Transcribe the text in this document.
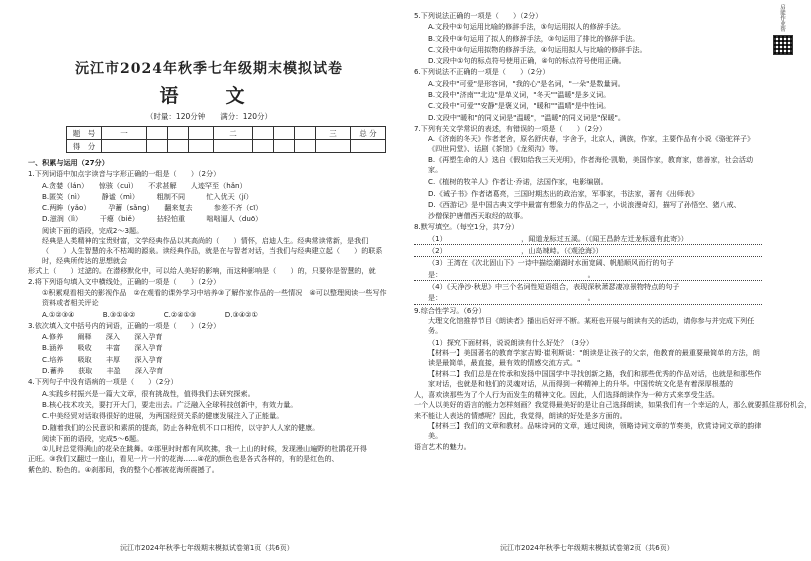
沅江市2024年秋季七年级期末模拟试卷
语　文
（时量：120分钟　　满分：120分）
题　号	一				二				三	总 分
得　分										
一、积累与运用（27分）
1.下列词语中加点字读音与字形正确的一组是（　　）（2分）
A.贪婪（lán）　　惊骇（cuì）　　不求甚解　　人迹罕至（hǎn）
B.匿笑（nì）　　　静谧（mì）　　　粗制不同　　　忙入优天（jí）
C.两眸（yǎo）　　　孕蓄（sǎng）　　翻来复去　　　参差不齐（cī）
D.滋润（lì）　　　干瘪（biě）　　　拈轻怕重　　　咄咄逼人（duō）
阅读下面的语段，完成2～3题。
经典是人类精神的宝贵财富，文学经典作品以其高尚的（　　）情怀，启迪人生。经典常读常新，是我们（　　）人生智慧的永不枯竭的源泉。读经典作品，就是在与智者对话，当我们与经典建立起（　　）的联系时，经典所传达的思想就会
形式上（　　）过滤的。在潜移默化中，可以给人美好的影响，而这种影响是（　　）的，只要你是智慧的，就
2.将下列语句填入文中横线处，正确的一项是（　　）（2分）
①积累观看相关的影视作品　②在观看的课外学习中培养③了解作家作品的一些情况　④可以整理阅读一些写作资料或者相关评论
A.①②③④　　　　B.③①④②　　　　C.②④①③　　　　D.③④②①
3.依次填入文中括号内的词语，正确的一项是（　　）（2分）
A.修养　　阐释　　深入　　深入孕育
B.涵养　　吸收　　丰富　　深入孕育
C.培养　　吸取　　丰厚　　深入孕育
D.蓄养　　获取　　丰盈　　深入孕育
4.下列句子中没有语病的一项是（　　）（2分）
A.实践乡村振兴是一篇大文章，很有挑战性，值得我们去研究探索。
B.核心技术攻关，要打开大门，要走出去。广泛融入全球科技创新中，有效力量。
C.中美经贸对话取得很好的进展，为两国经贸关系的健康发展注入了正能量。
D.随着我们的公民意识和素质的提高，防止各种危机不口口相传，以守护人人家的健康。
阅读下面的语段，完成5～6题。
①儿时总觉得满山的花朵在跳舞。②那里时时都有风吹拂，我一上山的时候，发现漫山遍野的杜鹃花开得
正旺。③我们又翻过一座山，看见一片一片的花海……④花的颜色也是各式各样的，有的是红色的、
紫色的、粉色的。④刹那间，我的整个心都被花海所震撼了。
沅江市2024年秋季七年级期末模拟试卷第1页（共6页）
5.下列说法正确的一项是（　　）（2分）
A.文段中①句运用比喻的修辞手法，⑤句运用拟人的修辞手法。
B.文段中③句运用了拟人的修辞手法，③句运用了排比的修辞手法。
C.文段中③句运用拟物的修辞手法，④句运用拟人与比喻的修辞手法。
D.文段中①句的标点符号使用正确，④句的标点符号使用正确。
6.下列说法不正确的一项是（　　）（2分）
A.文段中"可爱"是形容词，"我的心"是名词，"一朵"是数量词。
B.文段中"济南""北边"是单义词，"冬天""温暖"是多义词。
C.文段中"可爱""安静"是褒义词，"暖和""温晴"是中性词。
D.文段中"暖和"的同义词是"温暖"，"温暖"的同义词是"保暖"。
7.下列有关文学常识的表述，有错误的一项是（　　）（2分）
A.《济南的冬天》作者老舍，原名舒庆春，字舍予，北京人，满族，作家，主要作品有小说《骆驼祥子》《四世同堂》、话剧《茶馆》《龙须沟》等。
B.《再塑生命的人》选自《假如给我三天光明》，作者海伦·凯勒，美国作家，教育家，慈善家，社会活动家。
C.《植树的牧羊人》作者让·乔诺，法国作家，电影编剧。
D.《诫子书》作者诸葛亮，三国时期杰出的政治家，军事家，书法家，著有《出师表》
D.《西游记》是中国古典文学中最富有想象力的作品之一，小说浪漫奇幻，描写了孙悟空、猪八戒、
沙僧保护唐僧西天取经的故事。
8.默写填空。（每空1分，共7分）
（1）　　　　　　　　　　　，闻道龙标过五溪。（《闻王昌龄左迁龙标遥有此寄》）
（2）　　　　　　　　　　　，山岛竦峙。（《观沧海》）
（3）王湾在《次北固山下》一诗中描绘潮湖时水面宽阔、帆船顺风而行的句子
是：　　　　　　　　　　　　　　　　　　　　　。
（4）《天净沙·秋思》中三个名词性短语组合，表现深秋萧瑟凄凉景物特点的句子
是：　　　　　　　　　　　　　　　　　　　　　。
9.综合性学习。（6分）
大理文化馆推荐节目《朗读者》播出后好评不断。某班也开展与朗读有关的活动，请你参与并完成下列任务。
（1）探究下面材料，说说朗读有什么好处？（3分）
【材料一】美国著名的教育学家吉姆·崔利斯说："朗读是让孩子的父亲，他教育的最重要最简单的方法，朗读是最简单，最直接，最有效的情感交流方式。"
【材料二】我们总是在传承和发扬中国国学中寻找创新之路，我们和那些优秀的作品对话，也就是和那些作家对话，也就是和他们的灵魂对话，从而得到一种精神上的升华。中国传统文化是有着深厚根基的
人，喜欢读那些为了个人行为而发生的精神文化。因此，人们选择朗读作为一种方式来享受生活。
一个人以美好的语言的能力怎样刻画？我觉得最美好的是让自己选择朗读，如果我们有一个幸运的人，那么就要抓住那份机会，
来不能让人表达的情感呢？因此，我觉得，朗读的好处是多方面的。
【材料三】我们的文章和教材。品味诗词的文章，通过阅读，领略诗词文章的节奏美，欣赏诗词文章的韵律美。
语言艺术的魅力。
沅江市2024年秋季七年级期末模拟试卷第2页（共6页）
启能作业帮
